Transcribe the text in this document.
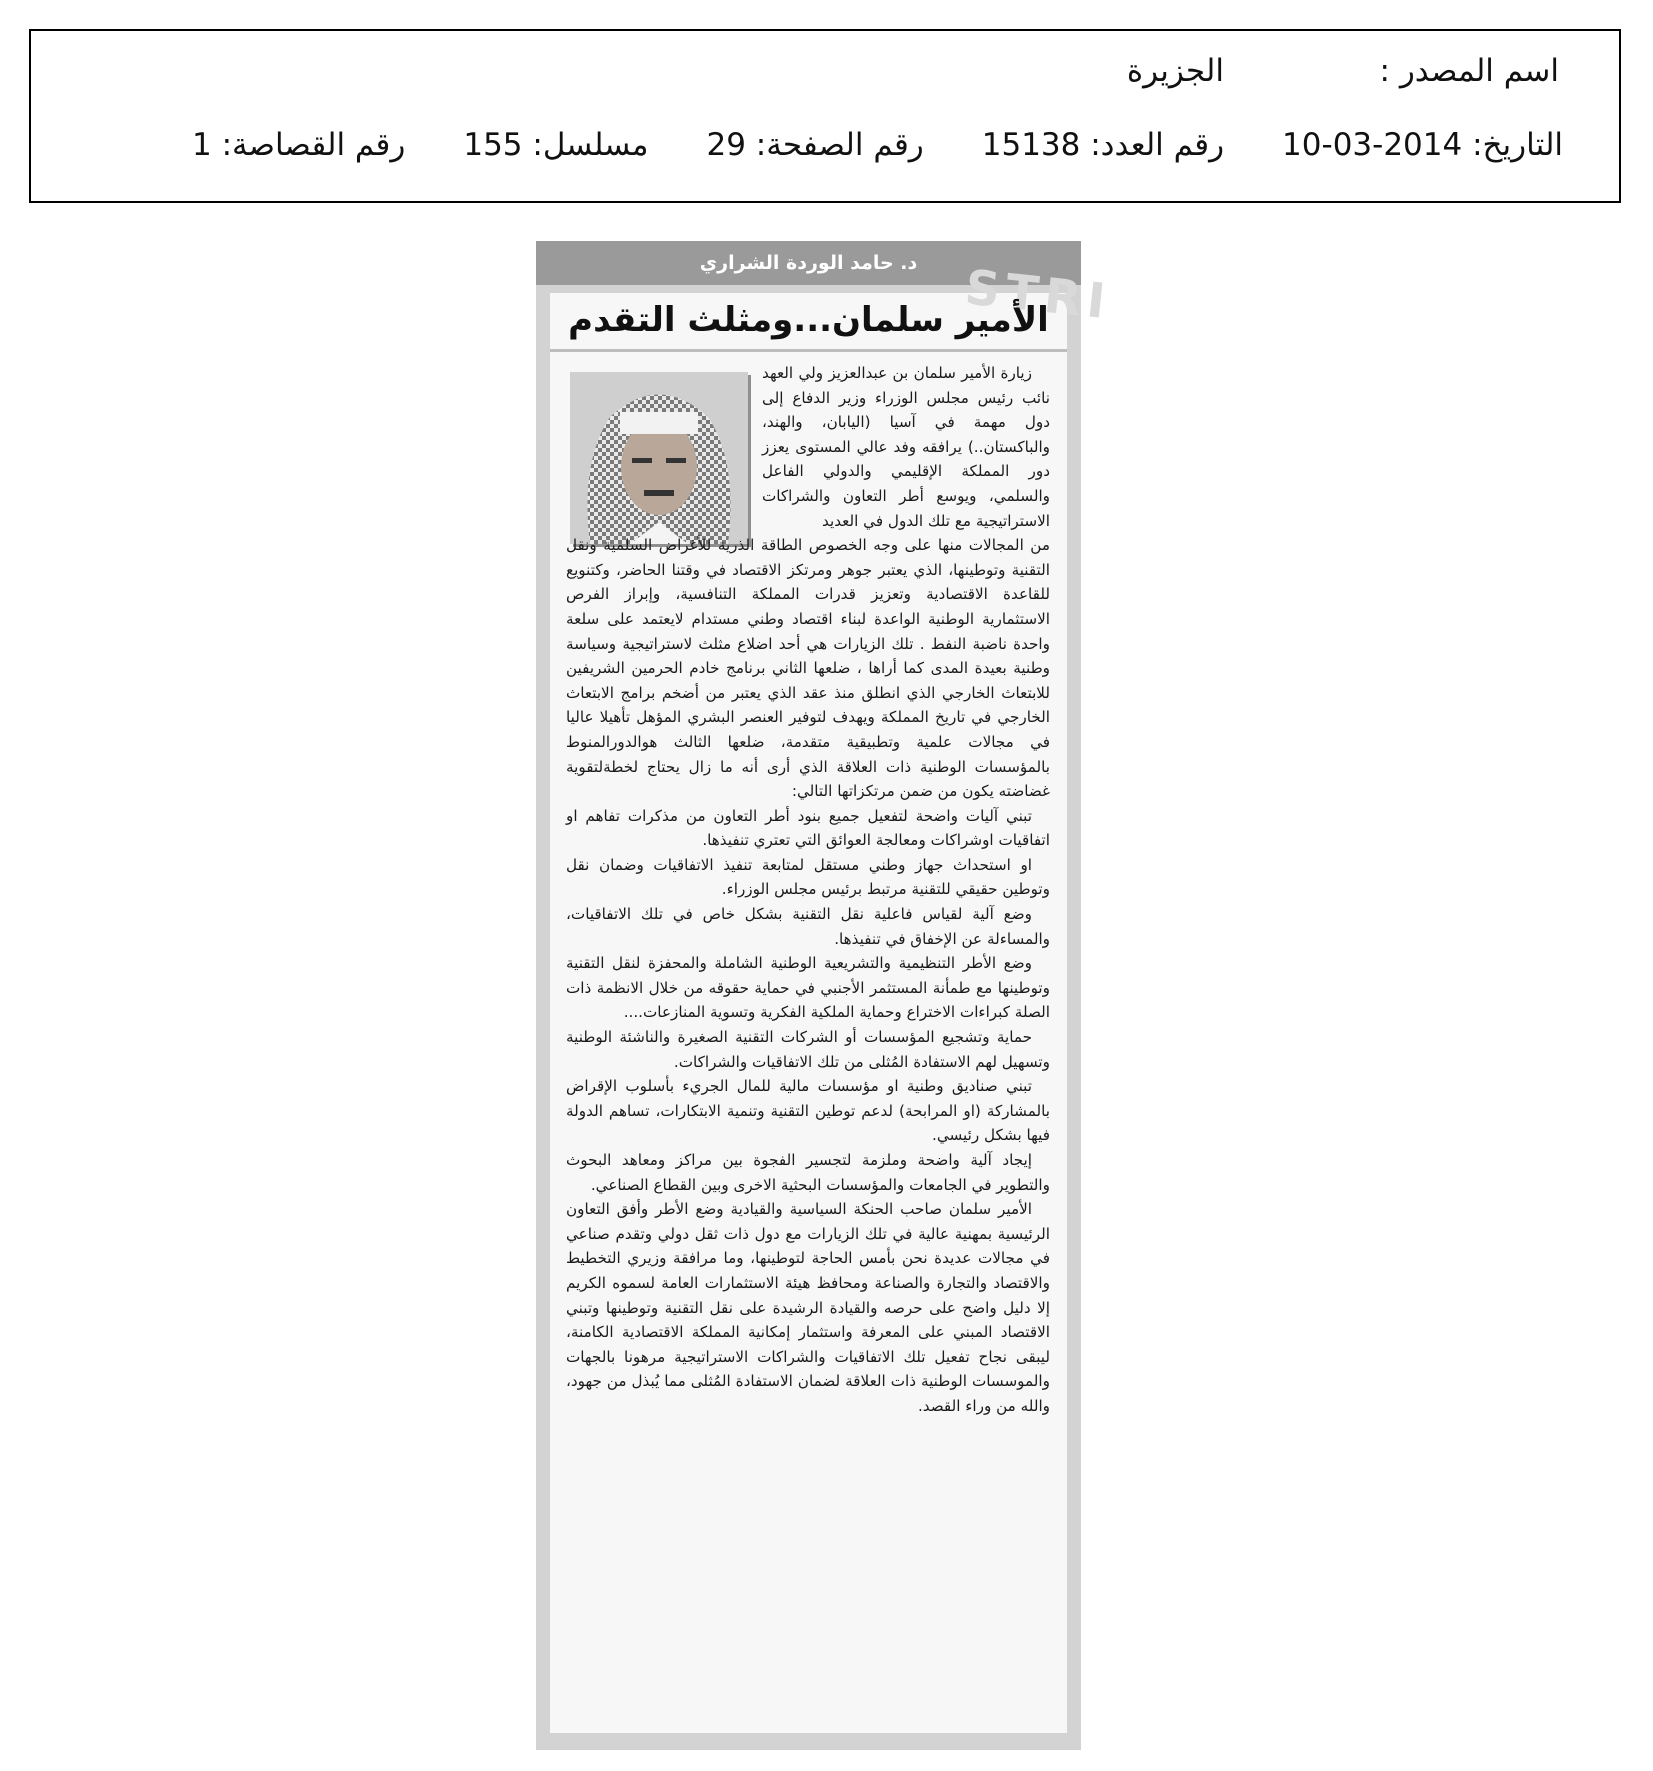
اسم المصدر :
الجزيرة
التاريخ: 2014-03-10
رقم العدد: 15138
رقم الصفحة: 29
مسلسل: 155
رقم القصاصة: 1
د. حامد الوردة الشراري STRI
الأمير سلمان...ومثلث التقدم

زيارة الأمير سلمان بن عبدالعزيز ولي العهد نائب رئيس مجلس الوزراء وزير الدفاع إلى دول مهمة في آسيا (اليابان، والهند، والباكستان..) يرافقه وفد عالي المستوى يعزز دور المملكة الإقليمي والدولي الفاعل والسلمي، ويوسع أطر التعاون والشراكات الاستراتيجية مع تلك الدول في العديد

من المجالات منها على وجه الخصوص الطاقة الذرية للأغراض السلمية ونقل التقنية وتوطينها، الذي يعتبر جوهر ومرتكز الاقتصاد في وقتنا الحاضر، وكتنويع للقاعدة الاقتصادية وتعزيز قدرات المملكة التنافسية، وإبراز الفرص الاستثمارية الوطنية الواعدة لبناء اقتصاد وطني مستدام لايعتمد على سلعة واحدة ناضبة النفط . تلك الزيارات هي أحد اضلاع مثلث لاستراتيجية وسياسة وطنية بعيدة المدى كما أراها ، ضلعها الثاني برنامج خادم الحرمين الشريفين للابتعاث الخارجي الذي انطلق منذ عقد الذي يعتبر من أضخم برامج الابتعاث الخارجي في تاريخ المملكة ويهدف لتوفير العنصر البشري المؤهل تأهيلا عاليا في مجالات علمية وتطبيقية متقدمة، ضلعها الثالث هوالدورالمنوط بالمؤسسات الوطنية ذات العلاقة الذي أرى أنه ما زال يحتاج لخطةلتقوية غضاضته يكون من ضمن مرتكزاتها التالي:

تبني آليات واضحة لتفعيل جميع بنود أطر التعاون من مذكرات تفاهم او اتفاقيات اوشراكات ومعالجة العوائق التي تعتري تنفيذها.

او استحداث جهاز وطني مستقل لمتابعة تنفيذ الاتفاقيات وضمان نقل وتوطين حقيقي للتقنية مرتبط برئيس مجلس الوزراء.

وضع آلية لقياس فاعلية نقل التقنية بشكل خاص في تلك الاتفاقيات، والمساءلة عن الإخفاق في تنفيذها.

وضع الأطر التنظيمية والتشريعية الوطنية الشاملة والمحفزة لنقل التقنية وتوطينها مع طمأنة المستثمر الأجنبي في حماية حقوقه من خلال الانظمة ذات الصلة كبراءات الاختراع وحماية الملكية الفكرية وتسوية المنازعات....

حماية وتشجيع المؤسسات أو الشركات التقنية الصغيرة والناشئة الوطنية وتسهيل لهم الاستفادة المُثلى من تلك الاتفاقيات والشراكات.

تبني صناديق وطنية او مؤسسات مالية للمال الجريء بأسلوب الإقراض بالمشاركة (او المرابحة) لدعم توطين التقنية وتنمية الابتكارات، تساهم الدولة فيها بشكل رئيسي.

إيجاد آلية واضحة وملزمة لتجسير الفجوة بين مراكز ومعاهد البحوث والتطوير في الجامعات والمؤسسات البحثية الاخرى وبين القطاع الصناعي.

الأمير سلمان صاحب الحنكة السياسية والقيادية وضع الأطر وأفق التعاون الرئيسية بمهنية عالية في تلك الزيارات مع دول ذات ثقل دولي وتقدم صناعي في مجالات عديدة نحن بأمس الحاجة لتوطينها، وما مرافقة وزيري التخطيط والاقتصاد والتجارة والصناعة ومحافظ هيئة الاستثمارات العامة لسموه الكريم إلا دليل واضح على حرصه والقيادة الرشيدة على نقل التقنية وتوطينها وتبني الاقتصاد المبني على المعرفة واستثمار إمكانية المملكة الاقتصادية الكامنة، ليبقى نجاح تفعيل تلك الاتفاقيات والشراكات الاستراتيجية مرهونا بالجهات والموسسات الوطنية ذات العلاقة لضمان الاستفادة المُثلى مما يُبذل من جهود، والله من وراء القصد.
